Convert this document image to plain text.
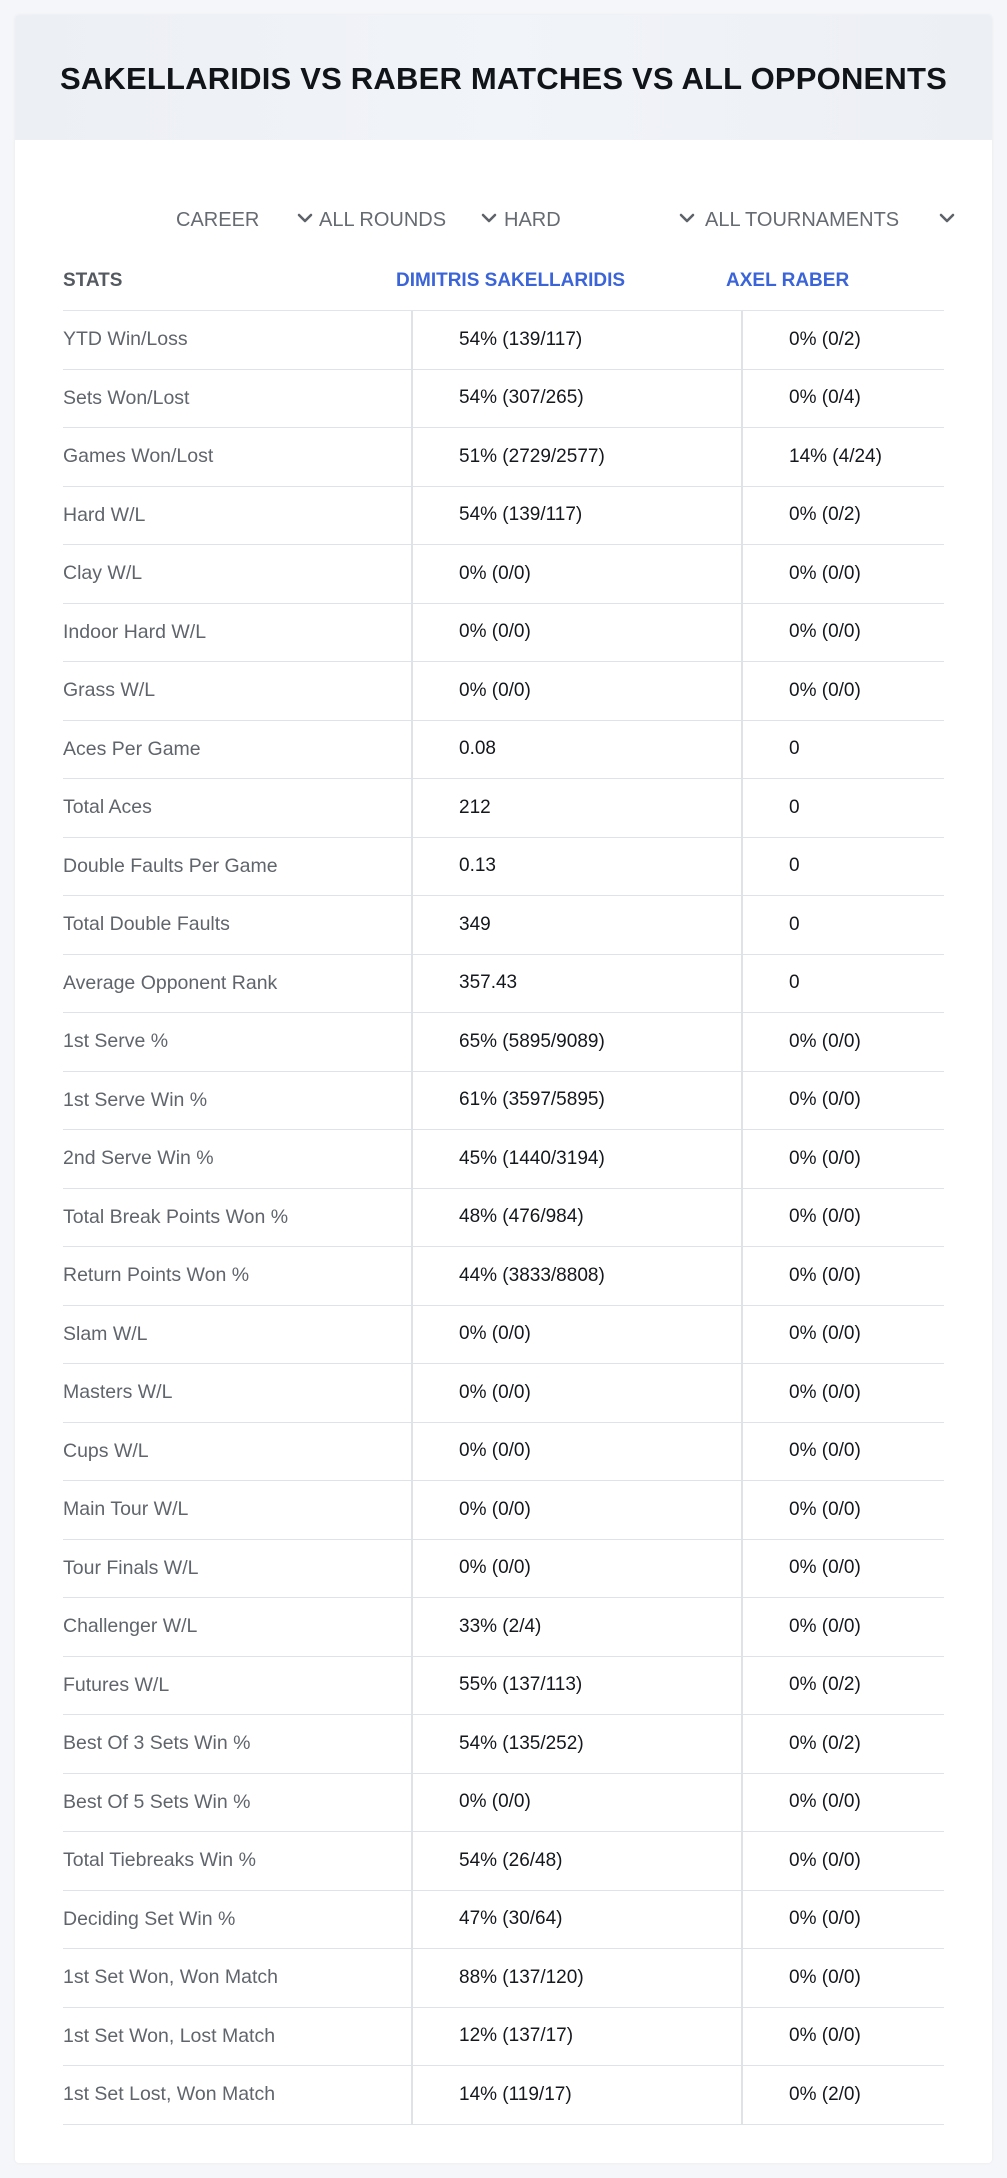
SAKELLARIDIS VS RABER MATCHES VS ALL OPPONENTS
CAREER	ALL ROUNDS	HARD	ALL TOURNAMENTS
STATS	DIMITRIS SAKELLARIDIS	AXEL RABER
YTD Win/Loss	54% (139/117)	0% (0/2)
Sets Won/Lost	54% (307/265)	0% (0/4)
Games Won/Lost	51% (2729/2577)	14% (4/24)
Hard W/L	54% (139/117)	0% (0/2)
Clay W/L	0% (0/0)	0% (0/0)
Indoor Hard W/L	0% (0/0)	0% (0/0)
Grass W/L	0% (0/0)	0% (0/0)
Aces Per Game	0.08	0
Total Aces	212	0
Double Faults Per Game	0.13	0
Total Double Faults	349	0
Average Opponent Rank	357.43	0
1st Serve %	65% (5895/9089)	0% (0/0)
1st Serve Win %	61% (3597/5895)	0% (0/0)
2nd Serve Win %	45% (1440/3194)	0% (0/0)
Total Break Points Won %	48% (476/984)	0% (0/0)
Return Points Won %	44% (3833/8808)	0% (0/0)
Slam W/L	0% (0/0)	0% (0/0)
Masters W/L	0% (0/0)	0% (0/0)
Cups W/L	0% (0/0)	0% (0/0)
Main Tour W/L	0% (0/0)	0% (0/0)
Tour Finals W/L	0% (0/0)	0% (0/0)
Challenger W/L	33% (2/4)	0% (0/0)
Futures W/L	55% (137/113)	0% (0/2)
Best Of 3 Sets Win %	54% (135/252)	0% (0/2)
Best Of 5 Sets Win %	0% (0/0)	0% (0/0)
Total Tiebreaks Win %	54% (26/48)	0% (0/0)
Deciding Set Win %	47% (30/64)	0% (0/0)
1st Set Won, Won Match	88% (137/120)	0% (0/0)
1st Set Won, Lost Match	12% (137/17)	0% (0/0)
1st Set Lost, Won Match	14% (119/17)	0% (2/0)
